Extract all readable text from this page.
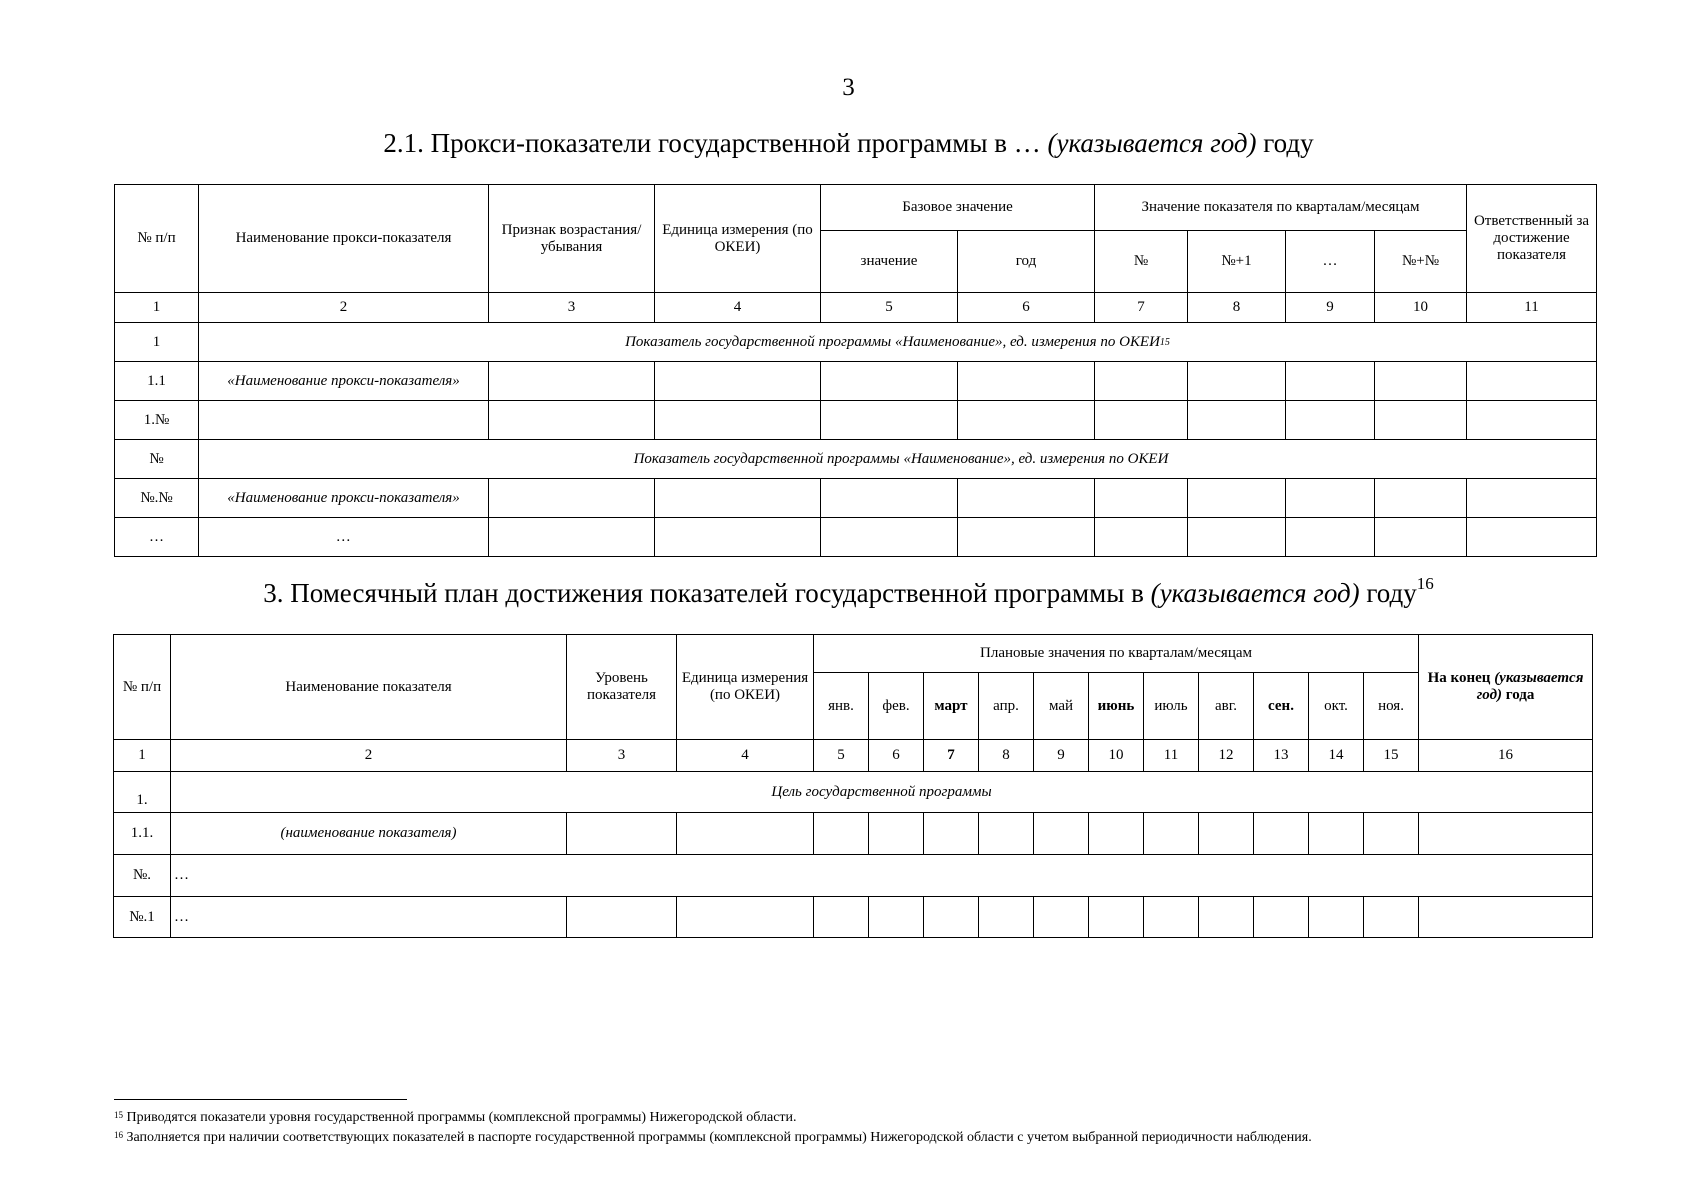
3
2.1. Прокси-показатели государственной программы в … (указывается год) году
№ п/п	Наименование прокси-показателя	Признак возрастания/ убывания	Единица измерения (по ОКЕИ)	Базовое значение		Значение показателя по кварталам/месяцам				Ответственный за достижение показателя
				значение	год	№	№+1	…	№+№	
1	2	3	4	5	6	7	8	9	10	11
1	Показатель государственной программы «Наименование», ед. измерения по ОКЕИ$^{15}$
1.1	«Наименование прокси-показателя»									
1.№										
№	Показатель государственной программы «Наименование», ед. измерения по ОКЕИ									
№.№	«Наименование прокси-показателя»									
…	…									
3. Помесячный план достижения показателей государственной программы в (указывается год) году$^{16}$
№ п/п	Наименование показателя	Уровень показателя	Единица измерения (по ОКЕИ)	Плановые значения по кварталам/месяцам											На конец (указывается год) года
				янв.	фев.	март	апр.	май	июнь	июль	авг.	сен.	окт.	ноя.	
1	2	3	4	5	6	7	8	9	10	11	12	13	14	15	16
1.	Цель государственной программы														
1.1.	(наименование показателя)														
№.	…														
№.1	…														
$^{15}$ Приводятся показатели уровня государственной программы (комплексной программы) Нижегородской области.
$^{16}$ Заполняется при наличии соответствующих показателей в паспорте государственной программы (комплексной программы) Нижегородской области с учетом выбранной периодичности наблюдения.
